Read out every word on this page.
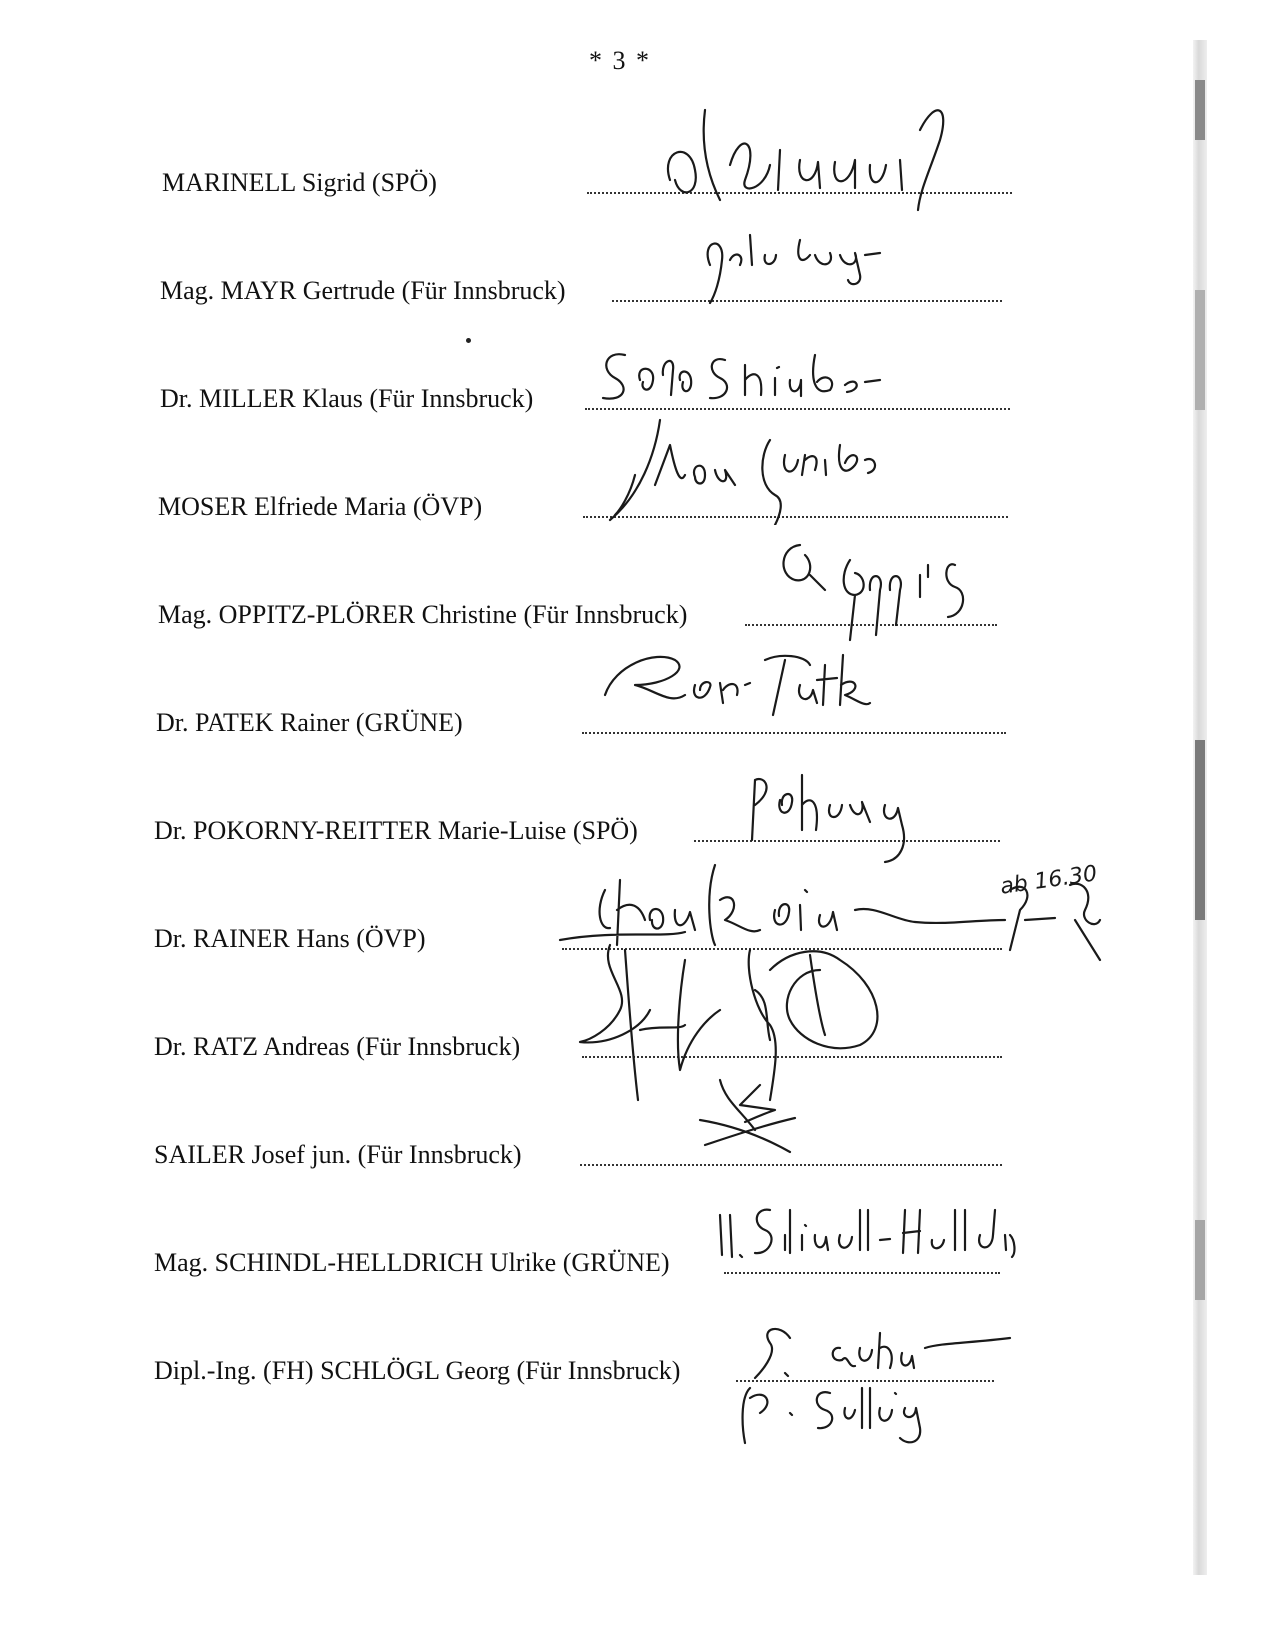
* 3 *
MARINELL Sigrid (SPÖ)
Mag. MAYR Gertrude (Für Innsbruck)
Dr. MILLER Klaus (Für Innsbruck)
MOSER Elfriede Maria (ÖVP)
Mag. OPPITZ-PLÖRER Christine (Für Innsbruck)
Dr. PATEK Rainer (GRÜNE)
Dr. POKORNY-REITTER Marie-Luise (SPÖ)
Dr. RAINER Hans (ÖVP)
ab 16.30
Dr. RATZ Andreas (Für Innsbruck)
SAILER Josef jun. (Für Innsbruck)
Mag. SCHINDL-HELLDRICH Ulrike (GRÜNE)
Dipl.-Ing. (FH) SCHLÖGL Georg (Für Innsbruck)
